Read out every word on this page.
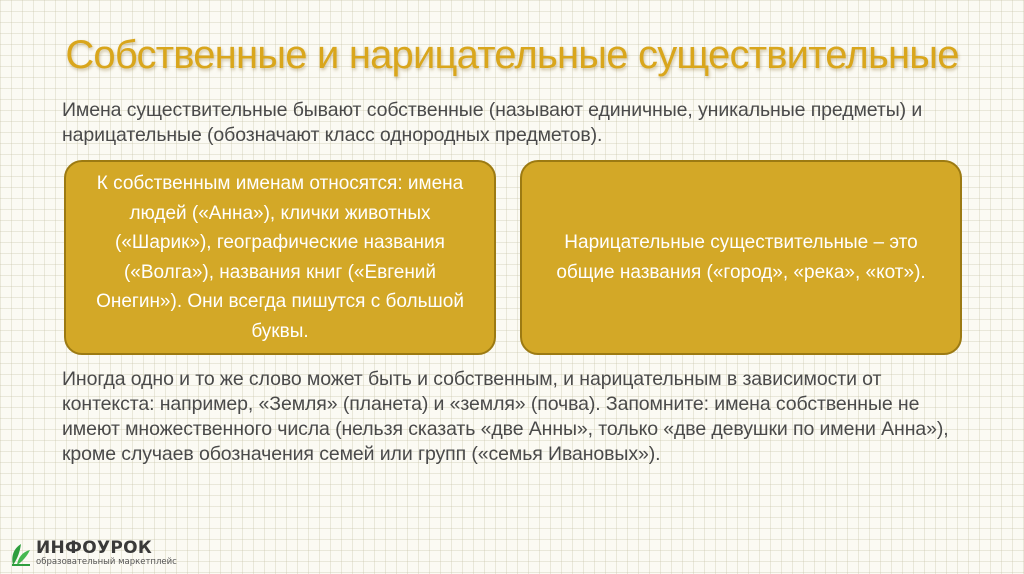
Собственные и нарицательные существительные
Имена существительные бывают собственные (называют единичные, уникальные предметы) и нарицательные (обозначают класс однородных предметов).
К собственным именам относятся: имена людей («Анна»), клички животных («Шарик»), географические названия («Волга»), названия книг («Евгений Онегин»). Они всегда пишутся с большой буквы.
Нарицательные существительные – это общие названия («город», «река», «кот»).
Иногда одно и то же слово может быть и собственным, и нарицательным в зависимости от контекста: например, «Земля» (планета) и «земля» (почва). Запомните: имена собственные не имеют множественного числа (нельзя сказать «две Анны», только «две девушки по имени Анна»), кроме случаев обозначения семей или групп («семья Ивановых»).
ИНФОУРОК
образовательный маркетплейс
